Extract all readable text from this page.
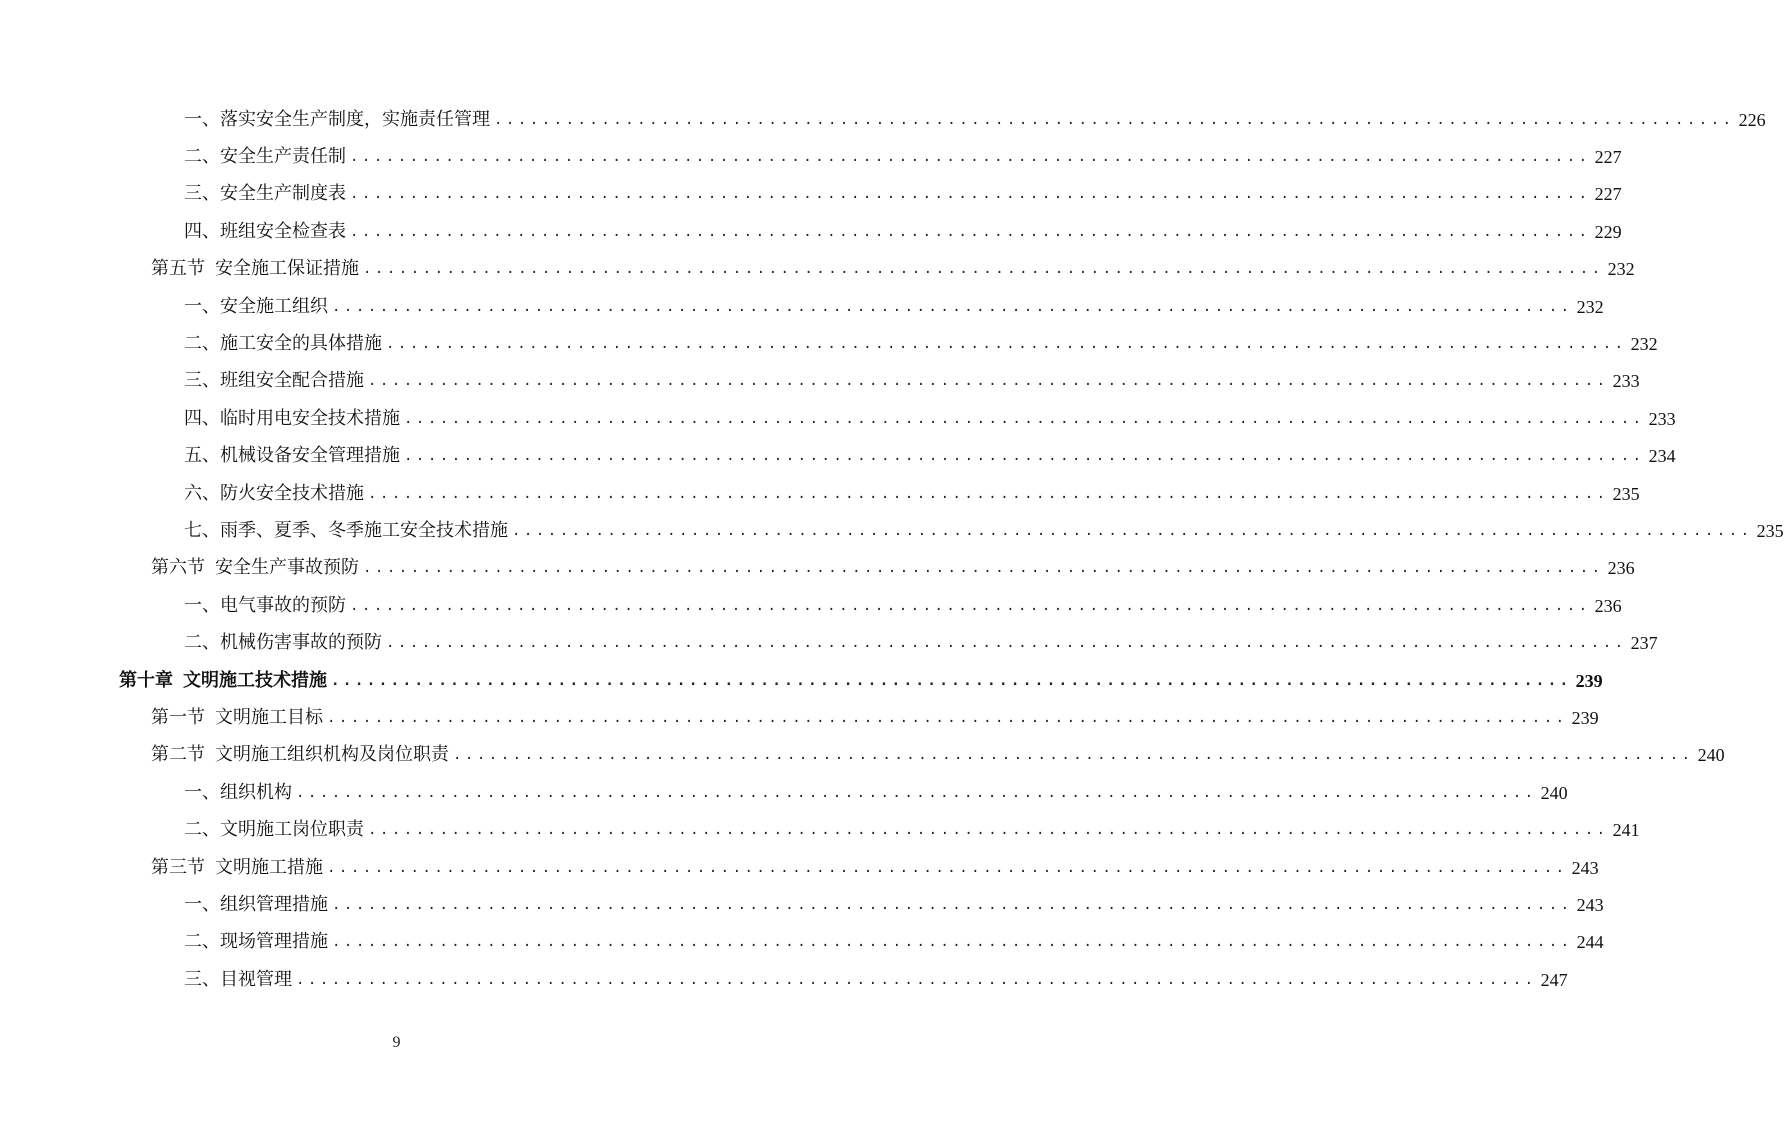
一、 落实安全生产制度，实施责任管理 ........................................................................................................ 226
二、 安全生产责任制 ........................................................................................................ 227
三、 安全生产制度表 ........................................................................................................ 227
四、 班组安全检查表 ........................................................................................................ 229
第五节 安全施工保证措施 ........................................................................................................ 232
一、 安全施工组织 ........................................................................................................ 232
二、 施工安全的具体措施 ........................................................................................................ 232
三、 班组安全配合措施 ........................................................................................................ 233
四、 临时用电安全技术措施 ........................................................................................................ 233
五、 机械设备安全管理措施 ........................................................................................................ 234
六、 防火安全技术措施 ........................................................................................................ 235
七、 雨季、夏季、冬季施工安全技术措施 ........................................................................................................ 235
第六节 安全生产事故预防 ........................................................................................................ 236
一、 电气事故的预防 ........................................................................................................ 236
二、 机械伤害事故的预防 ........................................................................................................ 237
第十章 文明施工技术措施 ........................................................................................................ 239
第一节 文明施工目标 ........................................................................................................ 239
第二节 文明施工组织机构及岗位职责 ........................................................................................................ 240
一、 组织机构 ........................................................................................................ 240
二、 文明施工岗位职责 ........................................................................................................ 241
第三节 文明施工措施 ........................................................................................................ 243
一、 组织管理措施 ........................................................................................................ 243
二、 现场管理措施 ........................................................................................................ 244
三、 目视管理 ........................................................................................................ 247
9
